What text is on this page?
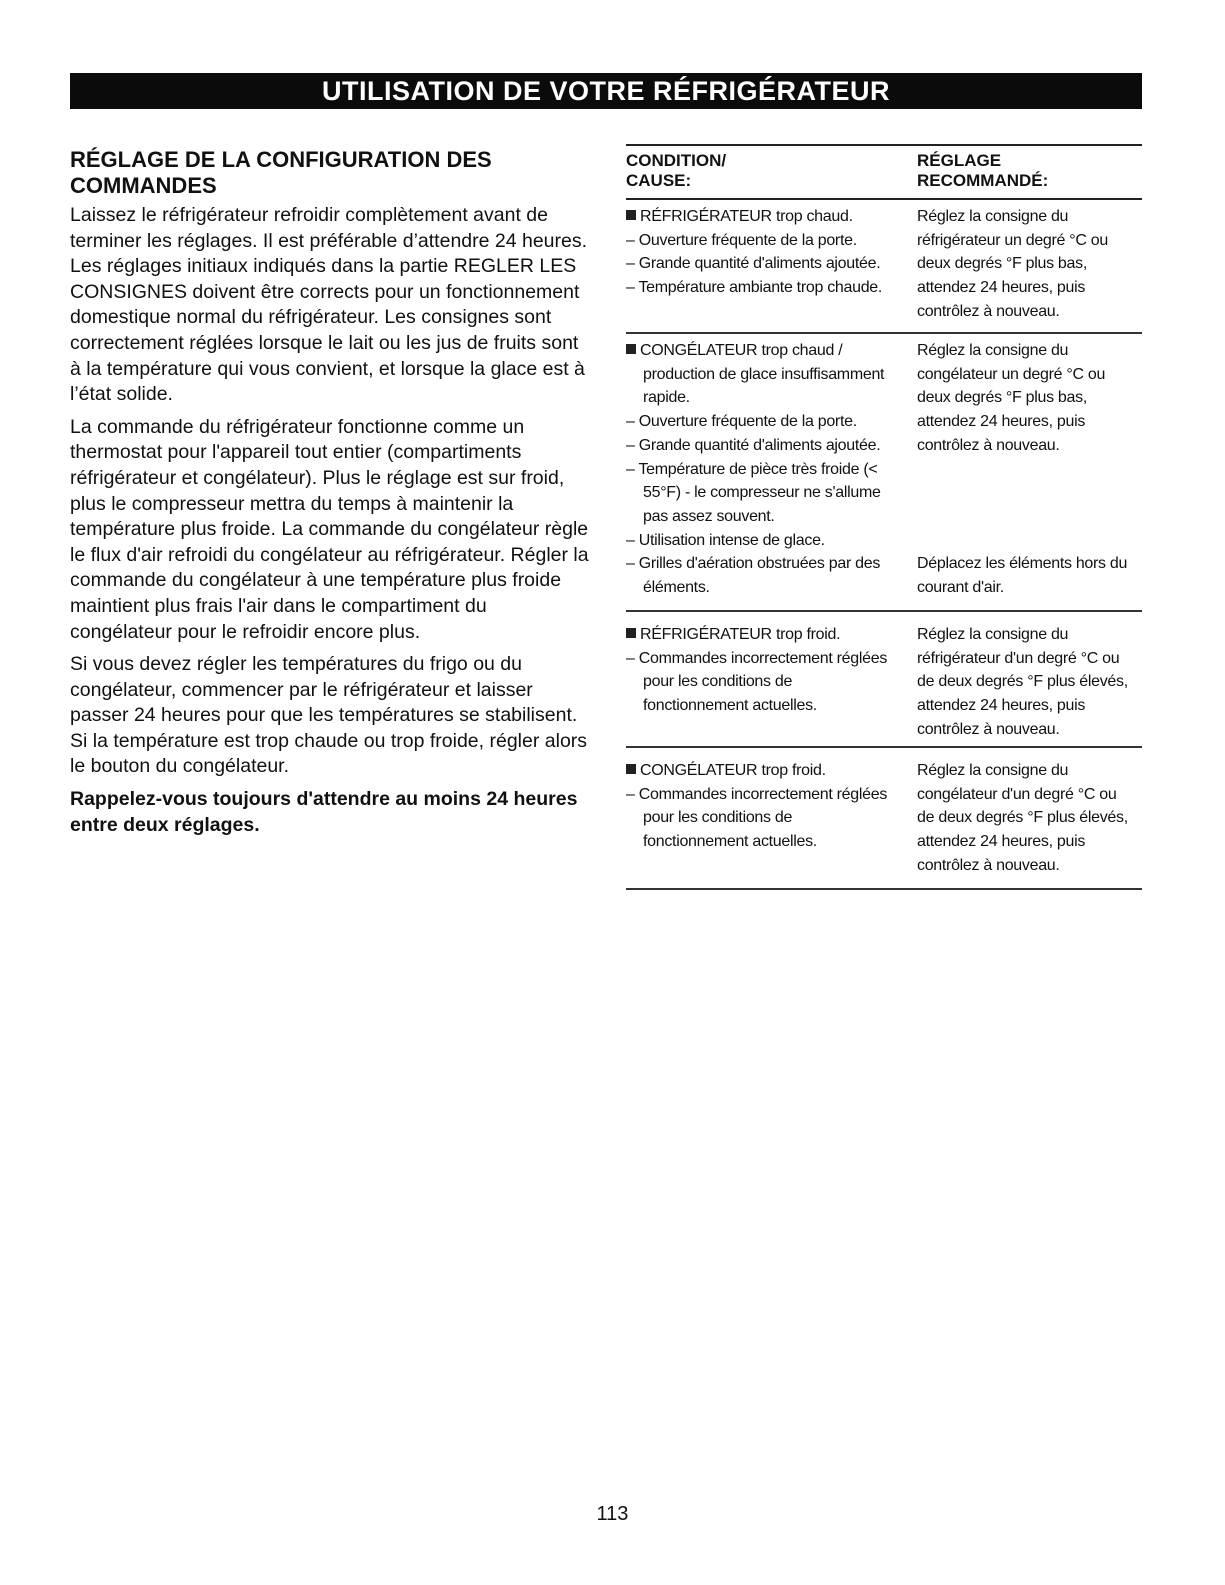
UTILISATION DE VOTRE RÉFRIGÉRATEUR
RÉGLAGE DE LA CONFIGURATION DES COMMANDES

Laissez le réfrigérateur refroidir complètement avant de terminer les réglages. Il est préférable d’attendre 24 heures. Les réglages initiaux indiqués dans la partie REGLER LES CONSIGNES doivent être corrects pour un fonctionnement domestique normal du réfrigérateur. Les consignes sont correctement réglées lorsque le lait ou les jus de fruits sont à la température qui vous convient, et lorsque la glace est à l’état solide.

La commande du réfrigérateur fonctionne comme un thermostat pour l'appareil tout entier (compartiments réfrigérateur et congélateur). Plus le réglage est sur froid, plus le compresseur mettra du temps à maintenir la température plus froide. La commande du congélateur règle le flux d'air refroidi du congélateur au réfrigérateur. Régler la commande du congélateur à une température plus froide maintient plus frais l'air dans le compartiment du congélateur pour le refroidir encore plus.

Si vous devez régler les températures du frigo ou du congélateur, commencer par le réfrigérateur et laisser passer 24 heures pour que les températures se stabilisent. Si la température est trop chaude ou trop froide, régler alors le bouton du congélateur.

Rappelez-vous toujours d'attendre au moins 24 heures entre deux réglages.

CONDITION/
CAUSE:
RÉGLAGE
RECOMMANDÉ:
RÉFRIGÉRATEUR trop chaud.
– Ouverture fréquente de la porte.
– Grande quantité d'aliments ajoutée.
– Température ambiante trop chaude.
Réglez la consigne du
réfrigérateur un degré °C ou
deux degrés °F plus bas,
attendez 24 heures, puis
contrôlez à nouveau.
CONGÉLATEUR trop chaud /
production de glace insuffisamment
rapide.
– Ouverture fréquente de la porte.
– Grande quantité d'aliments ajoutée.
– Température de pièce très froide (<
55°F) - le compresseur ne s'allume
pas assez souvent.
– Utilisation intense de glace.
– Grilles d'aération obstruées par des
éléments.
Réglez la consigne du
congélateur un degré °C ou
deux degrés °F plus bas,
attendez 24 heures, puis
contrôlez à nouveau.
Déplacez les éléments hors du
courant d'air.
RÉFRIGÉRATEUR trop froid.
– Commandes incorrectement réglées
pour les conditions de
fonctionnement actuelles.
Réglez la consigne du
réfrigérateur d'un degré °C ou
de deux degrés °F plus élevés,
attendez 24 heures, puis
contrôlez à nouveau.
CONGÉLATEUR trop froid.
– Commandes incorrectement réglées
pour les conditions de
fonctionnement actuelles.
Réglez la consigne du
congélateur d'un degré °C ou
de deux degrés °F plus élevés,
attendez 24 heures, puis
contrôlez à nouveau.
113
